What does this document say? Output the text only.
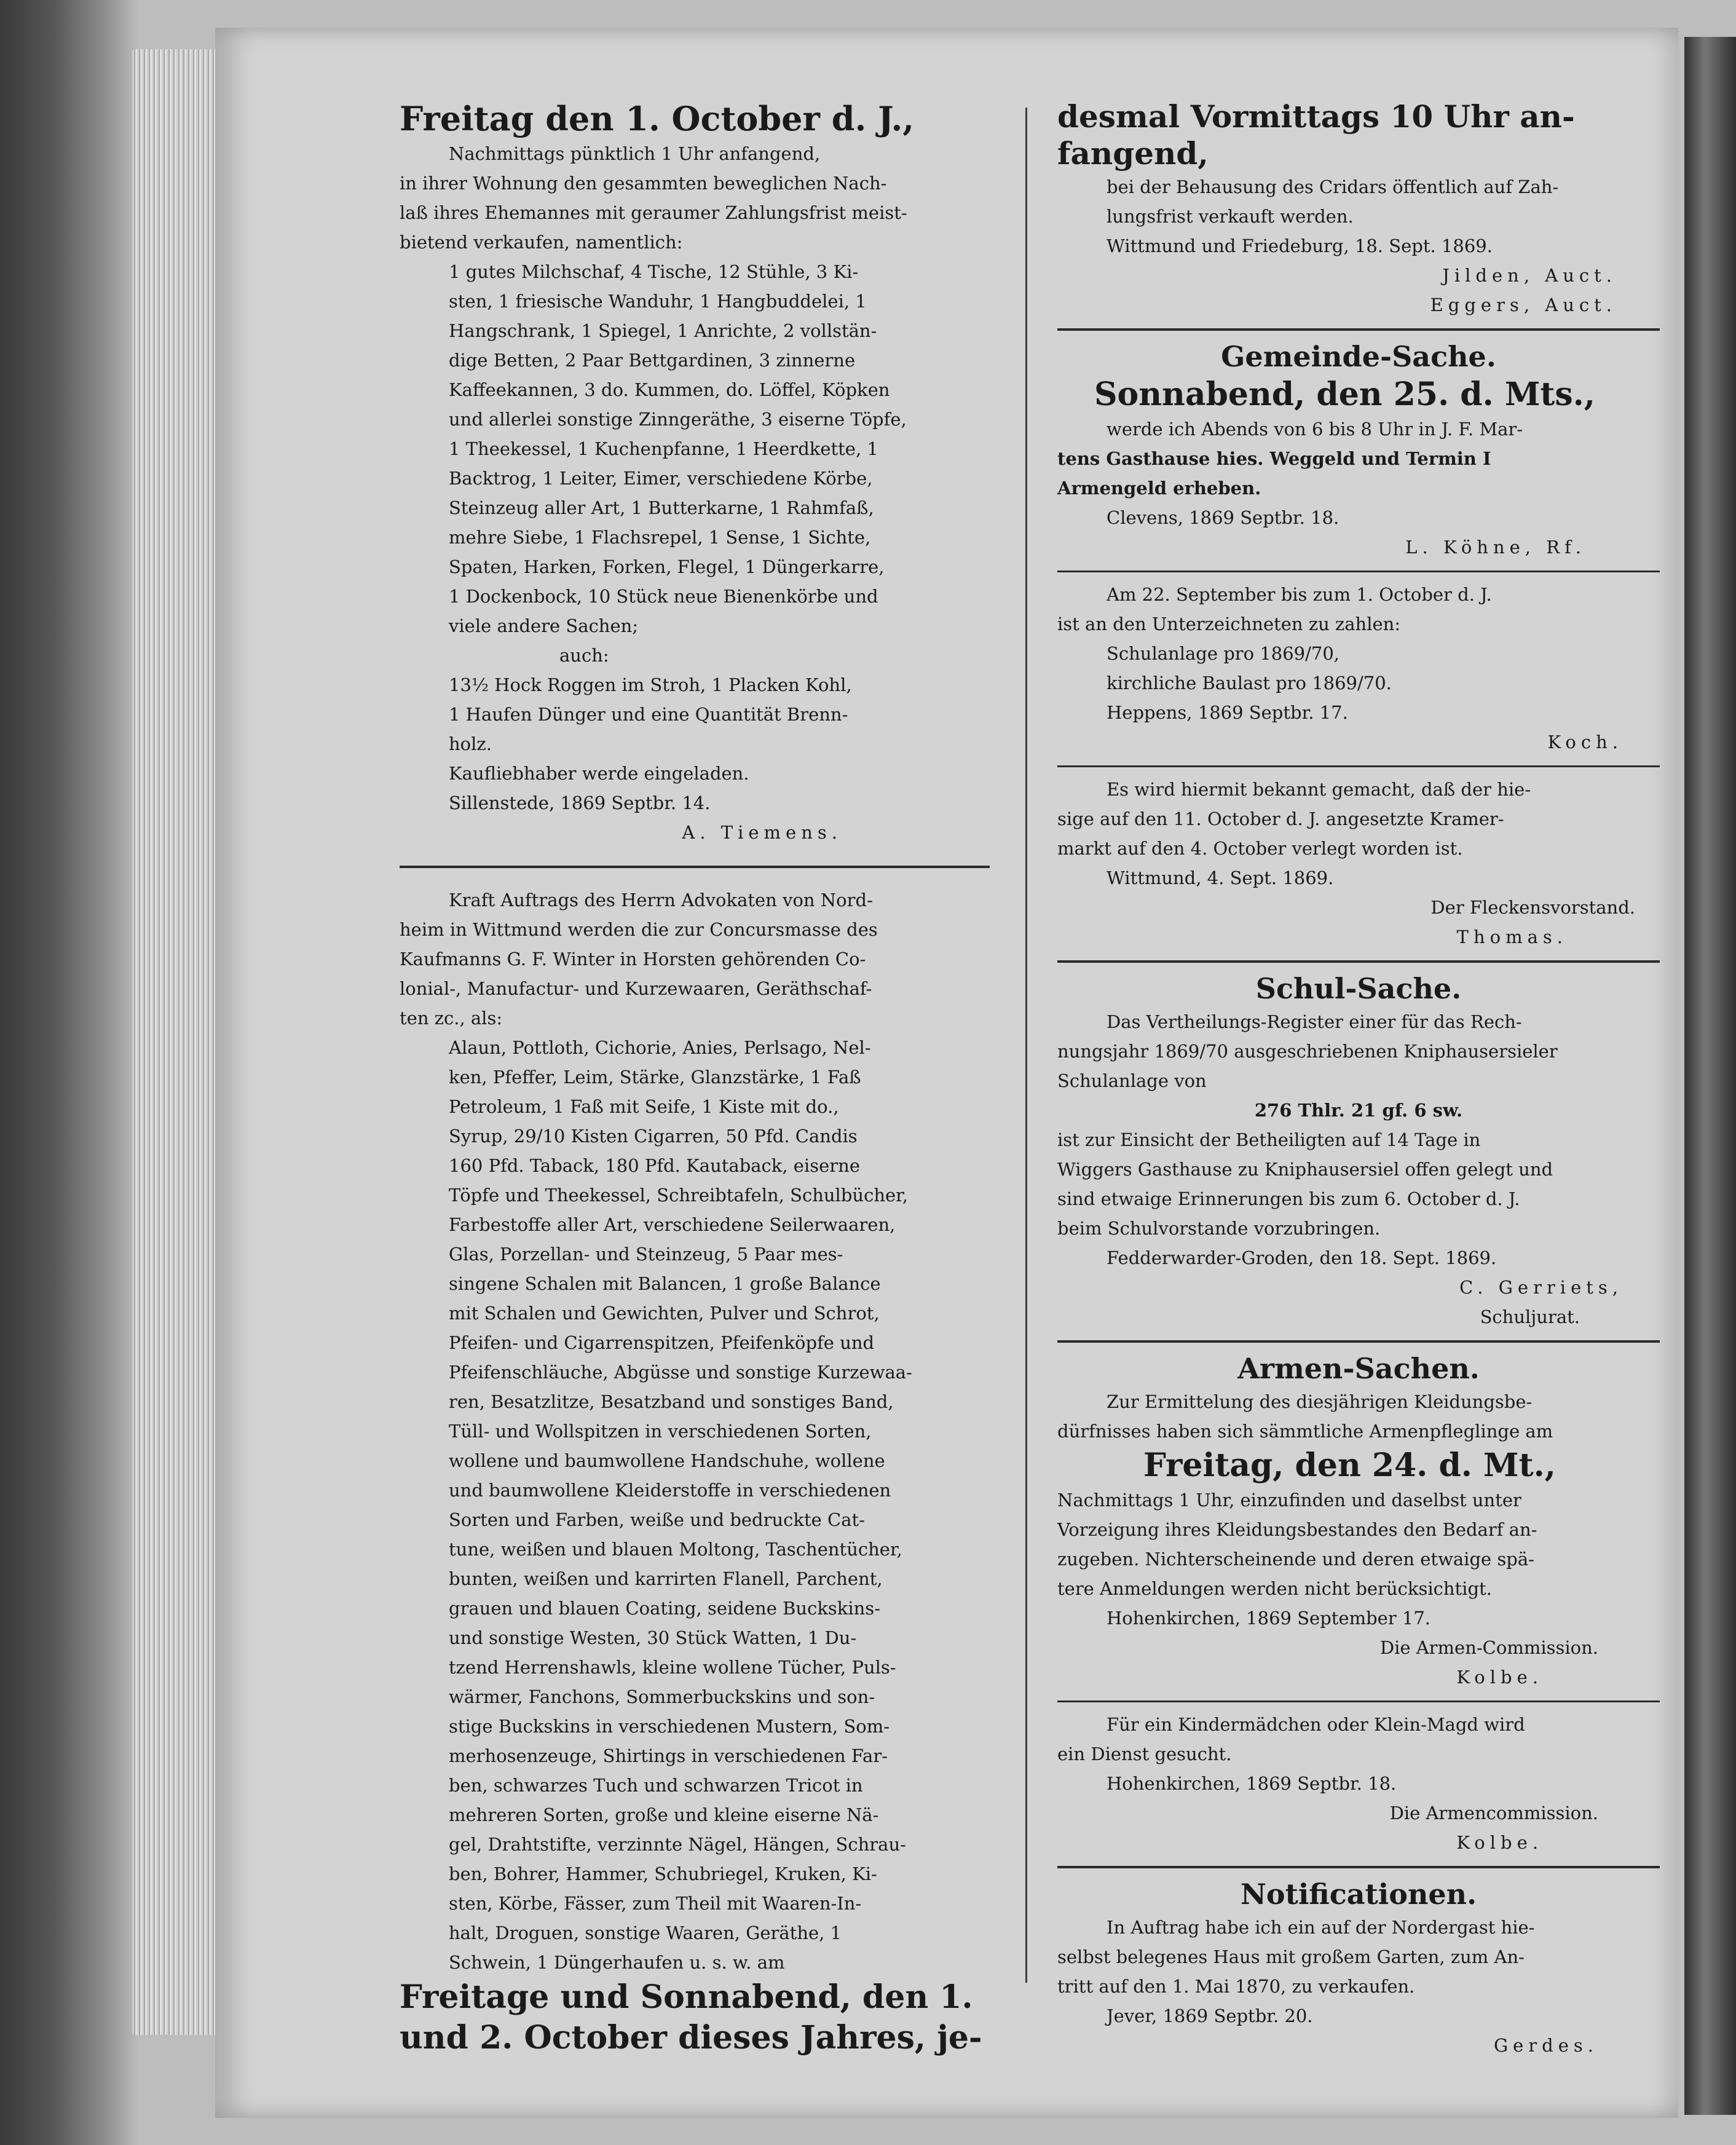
Freitag den 1. October d. J.,

Nachmittags pünktlich 1 Uhr anfangend,

in ihrer Wohnung den gesammten beweglichen Nach-

laß ihres Ehemannes mit geraumer Zahlungsfrist meist-

bietend verkaufen, namentlich:

1 gutes Milchschaf, 4 Tische, 12 Stühle, 3 Ki-

sten, 1 friesische Wanduhr, 1 Hangbuddelei, 1

Hangschrank, 1 Spiegel, 1 Anrichte, 2 vollstän-

dige Betten, 2 Paar Bettgardinen, 3 zinnerne

Kaffeekannen, 3 do. Kummen, do. Löffel, Köpken

und allerlei sonstige Zinngeräthe, 3 eiserne Töpfe,

1 Theekessel, 1 Kuchenpfanne, 1 Heerdkette, 1

Backtrog, 1 Leiter, Eimer, verschiedene Körbe,

Steinzeug aller Art, 1 Butterkarne, 1 Rahmfaß,

mehre Siebe, 1 Flachsrepel, 1 Sense, 1 Sichte,

Spaten, Harken, Forken, Flegel, 1 Düngerkarre,

1 Dockenbock, 10 Stück neue Bienenkörbe und

viele andere Sachen;

auch:

13½ Hock Roggen im Stroh, 1 Placken Kohl,

1 Haufen Dünger und eine Quantität Brenn-

holz.

Kaufliebhaber werde eingeladen.

Sillenstede, 1869 Septbr. 14.

A. Tiemens.

Kraft Auftrags des Herrn Advokaten von Nord-

heim in Wittmund werden die zur Concursmasse des

Kaufmanns G. F. Winter in Horsten gehörenden Co-

lonial-, Manufactur- und Kurzewaaren, Geräthschaf-

ten zc., als:

Alaun, Pottloth, Cichorie, Anies, Perlsago, Nel-

ken, Pfeffer, Leim, Stärke, Glanzstärke, 1 Faß

Petroleum, 1 Faß mit Seife, 1 Kiste mit do.,

Syrup, 29/10 Kisten Cigarren, 50 Pfd. Candis

160 Pfd. Taback, 180 Pfd. Kautaback, eiserne

Töpfe und Theekessel, Schreibtafeln, Schulbücher,

Farbestoffe aller Art, verschiedene Seilerwaaren,

Glas, Porzellan- und Steinzeug, 5 Paar mes-

singene Schalen mit Balancen, 1 große Balance

mit Schalen und Gewichten, Pulver und Schrot,

Pfeifen- und Cigarrenspitzen, Pfeifenköpfe und

Pfeifenschläuche, Abgüsse und sonstige Kurzewaa-

ren, Besatzlitze, Besatzband und sonstiges Band,

Tüll- und Wollspitzen in verschiedenen Sorten,

wollene und baumwollene Handschuhe, wollene

und baumwollene Kleiderstoffe in verschiedenen

Sorten und Farben, weiße und bedruckte Cat-

tune, weißen und blauen Moltong, Taschentücher,

bunten, weißen und karrirten Flanell, Parchent,

grauen und blauen Coating, seidene Buckskins-

und sonstige Westen, 30 Stück Watten, 1 Du-

tzend Herrenshawls, kleine wollene Tücher, Puls-

wärmer, Fanchons, Sommerbuckskins und son-

stige Buckskins in verschiedenen Mustern, Som-

merhosenzeuge, Shirtings in verschiedenen Far-

ben, schwarzes Tuch und schwarzen Tricot in

mehreren Sorten, große und kleine eiserne Nä-

gel, Drahtstifte, verzinnte Nägel, Hängen, Schrau-

ben, Bohrer, Hammer, Schubriegel, Kruken, Ki-

sten, Körbe, Fässer, zum Theil mit Waaren-In-

halt, Droguen, sonstige Waaren, Geräthe, 1

Schwein, 1 Düngerhaufen u. s. w. am

Freitage und Sonnabend, den 1.

und 2. October dieses Jahres, je-

desmal Vormittags 10 Uhr an-

fangend,

bei der Behausung des Cridars öffentlich auf Zah-

lungsfrist verkauft werden.

Wittmund und Friedeburg, 18. Sept. 1869.

Jilden, Auct.

Eggers, Auct.

Gemeinde-Sache.

Sonnabend, den 25. d. Mts.,

werde ich Abends von 6 bis 8 Uhr in J. F. Mar-

tens Gasthause hies. Weggeld und Termin I

Armengeld erheben.

Clevens, 1869 Septbr. 18.

L. Köhne, Rf.

Am 22. September bis zum 1. October d. J.

ist an den Unterzeichneten zu zahlen:

Schulanlage pro 1869/70,

kirchliche Baulast pro 1869/70.

Heppens, 1869 Septbr. 17.

Koch.

Es wird hiermit bekannt gemacht, daß der hie-

sige auf den 11. October d. J. angesetzte Kramer-

markt auf den 4. October verlegt worden ist.

Wittmund, 4. Sept. 1869.

Der Fleckensvorstand.

Thomas.

Schul-Sache.

Das Vertheilungs-Register einer für das Rech-

nungsjahr 1869/70 ausgeschriebenen Kniphausersieler

Schulanlage von

276 Thlr. 21 gf. 6 sw.

ist zur Einsicht der Betheiligten auf 14 Tage in

Wiggers Gasthause zu Kniphausersiel offen gelegt und

sind etwaige Erinnerungen bis zum 6. October d. J.

beim Schulvorstande vorzubringen.

Fedderwarder-Groden, den 18. Sept. 1869.

C. Gerriets,

Schuljurat.

Armen-Sachen.

Zur Ermittelung des diesjährigen Kleidungsbe-

dürfnisses haben sich sämmtliche Armenpfleglinge am

Freitag, den 24. d. Mt.,

Nachmittags 1 Uhr, einzufinden und daselbst unter

Vorzeigung ihres Kleidungsbestandes den Bedarf an-

zugeben. Nichterscheinende und deren etwaige spä-

tere Anmeldungen werden nicht berücksichtigt.

Hohenkirchen, 1869 September 17.

Die Armen-Commission.

Kolbe.

Für ein Kindermädchen oder Klein-Magd wird

ein Dienst gesucht.

Hohenkirchen, 1869 Septbr. 18.

Die Armencommission.

Kolbe.

Notificationen.

In Auftrag habe ich ein auf der Nordergast hie-

selbst belegenes Haus mit großem Garten, zum An-

tritt auf den 1. Mai 1870, zu verkaufen.

Jever, 1869 Septbr. 20.

Gerdes.
